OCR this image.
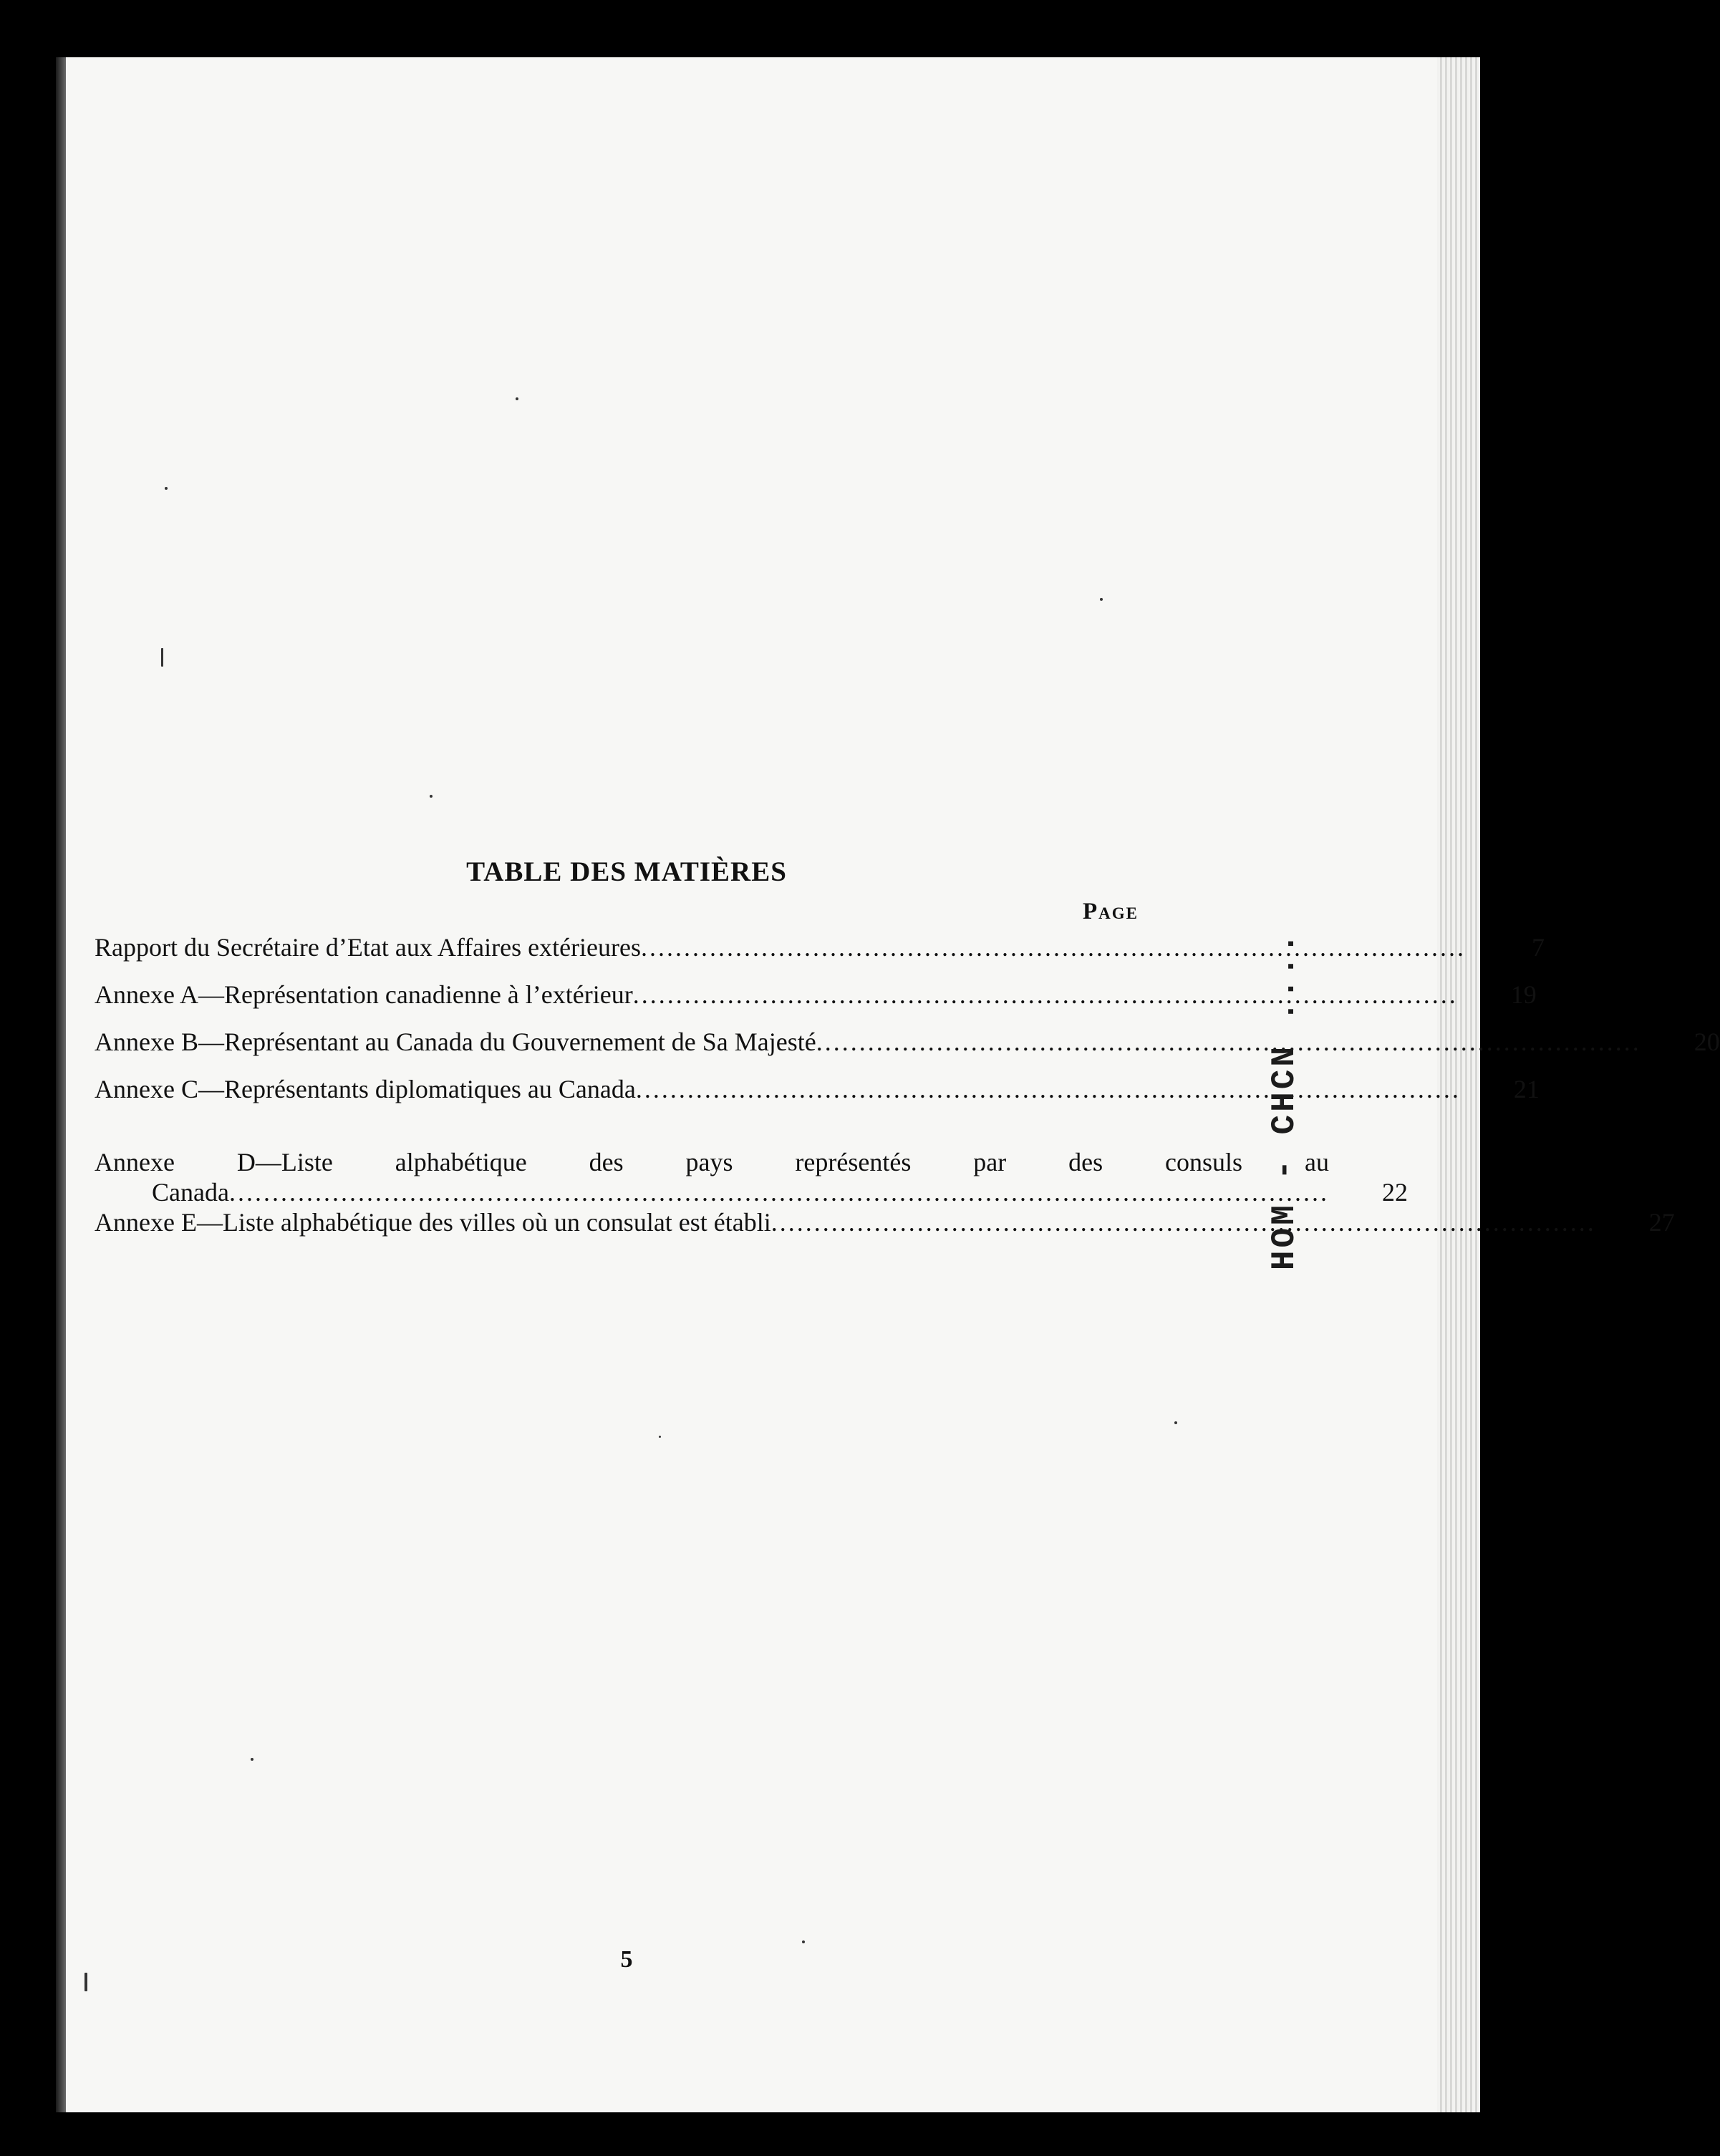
TABLE DES MATIÈRES
Page
Rapport du Secrétaire d’Etat aux Affaires extérieures ................................................................................................	7
Annexe A—Représentation canadienne à l’extérieur ................................................................................................	19
Annexe B—Représentant au Canada du Gouvernement de Sa Majesté ................................................................................................	20
Annexe C—Représentants diplomatiques au Canada ................................................................................................	21
Annexe D—Liste alphabétique des pays représentés par des consuls au
Canada ................................................................................................................................	22
Annexe E—Liste alphabétique des villes où un consulat est établi ................................................................................................	27
5
HOM - CHCN ....
